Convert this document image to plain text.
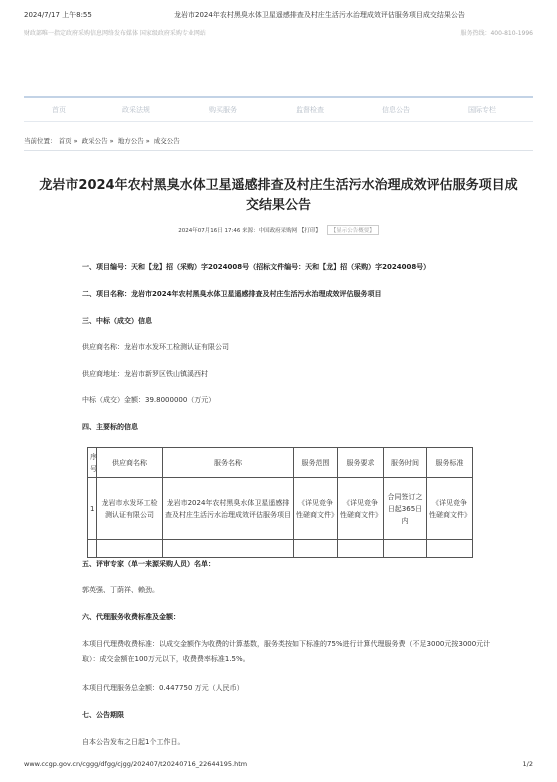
2024/7/17 上午8:55	龙岩市2024年农村黑臭水体卫星遥感排查及村庄生活污水治理成效评估服务项目成交结果公告
财政部唯一指定政府采购信息网络发布媒体 国家级政府采购专业网站	服务热线：400-810-1996
首页	政采法规	购买服务	监督检查	信息公告	国际专栏
当前位置： 首页 » 政采公告 » 地方公告 » 成交公告
龙岩市2024年农村黑臭水体卫星遥感排查及村庄生活污水治理成效评估服务项目成
交结果公告
2024年07月16日 17:46 来源：中国政府采购网 【打印】 【显示公告概要】
一、项目编号：天和【龙】招（采购）字2024008号（招标文件编号：天和【龙】招（采购）字2024008号）
二、项目名称：龙岩市2024年农村黑臭水体卫星遥感排查及村庄生活污水治理成效评估服务项目
三、中标（成交）信息
供应商名称：龙岩市水发环工检测认证有限公司
供应商地址：龙岩市新罗区铁山镇溪西村
中标（成交）金额：39.8000000（万元）
四、主要标的信息
序号	供应商名称	服务名称	服务范围	服务要求	服务时间	服务标准
1	龙岩市水发环工检测认证有限公司	龙岩市2024年农村黑臭水体卫星遥感排查及村庄生活污水治理成效评估服务项目	《详见竞争性磋商文件》	《详见竞争性磋商文件》	合同签订之日起365日内	《详见竞争性磋商文件》

五、评审专家（单一来源采购人员）名单：
郭英强、丁荫祥、赖劲。
六、代理服务收费标准及金额：
本项目代理费收费标准：以成交金额作为收费的计算基数，服务类按如下标准的75%进行计算代理服务费（不足3000元按3000元计取）：成交金额在100万元以下，收费费率标准1.5%。
本项目代理服务总金额：0.447750 万元（人民币）
七、公告期限
自本公告发布之日起1个工作日。
www.ccgp.gov.cn/cggg/dfgg/cjgg/202407/t20240716_22644195.htm	1/2
